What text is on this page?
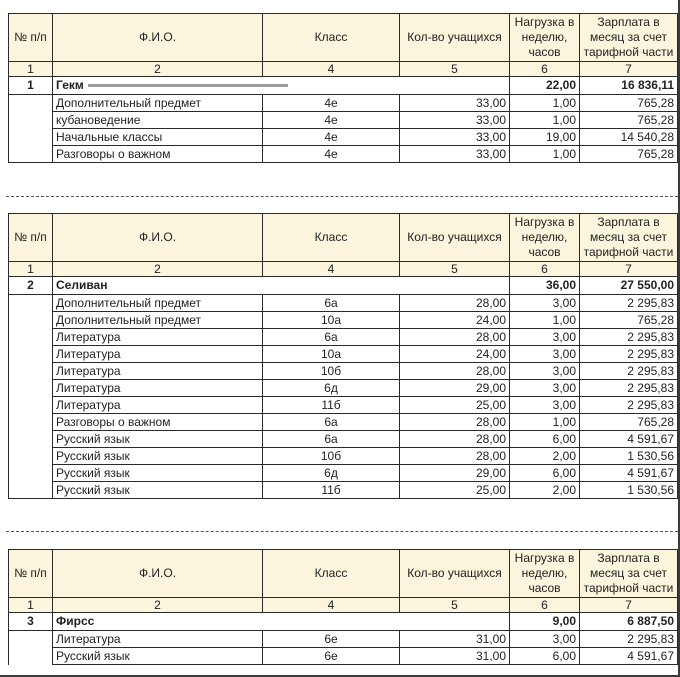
№ п/п	Ф.И.О.	Класс	Кол-во учащихся	Нагрузка в неделю, часов	Зарплата в месяц за счет тарифной части
1	2	4	5	6	7
1	Гекм			22,00	16 836,11
	Дополнительный предмет	4е	33,00	1,00	765,28
	кубановедение	4е	33,00	1,00	765,28
	Начальные классы	4е	33,00	19,00	14 540,28
	Разговоры о важном	4е	33,00	1,00	765,28
№ п/п	Ф.И.О.	Класс	Кол-во учащихся	Нагрузка в неделю, часов	Зарплата в месяц за счет тарифной части
1	2	4	5	6	7
2	Селиван			36,00	27 550,00
	Дополнительный предмет	6а	28,00	3,00	2 295,83
	Дополнительный предмет	10а	24,00	1,00	765,28
	Литература	6а	28,00	3,00	2 295,83
	Литература	10а	24,00	3,00	2 295,83
	Литература	10б	28,00	3,00	2 295,83
	Литература	6д	29,00	3,00	2 295,83
	Литература	11б	25,00	3,00	2 295,83
	Разговоры о важном	6а	28,00	1,00	765,28
	Русский язык	6а	28,00	6,00	4 591,67
	Русский язык	10б	28,00	2,00	1 530,56
	Русский язык	6д	29,00	6,00	4 591,67
	Русский язык	11б	25,00	2,00	1 530,56
№ п/п	Ф.И.О.	Класс	Кол-во учащихся	Нагрузка в неделю, часов	Зарплата в месяц за счет тарифной части
1	2	4	5	6	7
3	Фирсс			9,00	6 887,50
	Литература	6е	31,00	3,00	2 295,83
	Русский язык	6е	31,00	6,00	4 591,67
